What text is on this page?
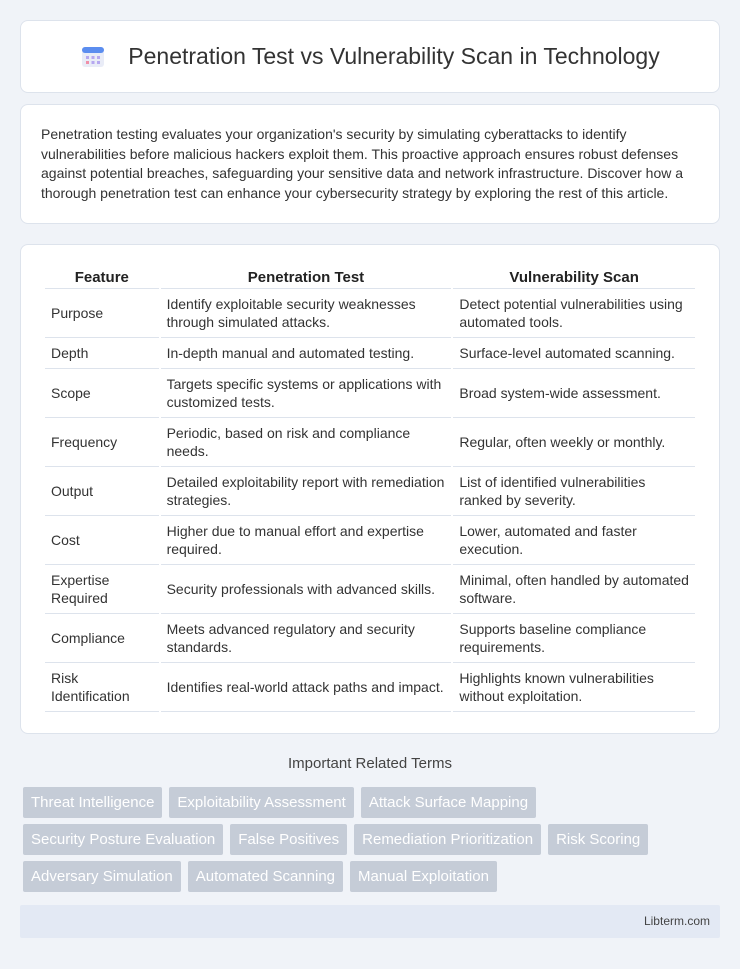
Penetration Test vs Vulnerability Scan in Technology

Penetration testing evaluates your organization's security by simulating cyberattacks to identify vulnerabilities before malicious hackers exploit them. This proactive approach ensures robust defenses against potential breaches, safeguarding your sensitive data and network infrastructure. Discover how a thorough penetration test can enhance your cybersecurity strategy by exploring the rest of this article.

Feature	Penetration Test	Vulnerability Scan
Purpose	Identify exploitable security weaknesses through simulated attacks.	Detect potential vulnerabilities using automated tools.
Depth	In-depth manual and automated testing.	Surface-level automated scanning.
Scope	Targets specific systems or applications with customized tests.	Broad system-wide assessment.
Frequency	Periodic, based on risk and compliance needs.	Regular, often weekly or monthly.
Output	Detailed exploitability report with remediation strategies.	List of identified vulnerabilities ranked by severity.
Cost	Higher due to manual effort and expertise required.	Lower, automated and faster execution.
Expertise Required	Security professionals with advanced skills.	Minimal, often handled by automated software.
Compliance	Meets advanced regulatory and security standards.	Supports baseline compliance requirements.
Risk Identification	Identifies real-world attack paths and impact.	Highlights known vulnerabilities without exploitation.
Important Related Terms
Threat Intelligence	Exploitability Assessment	Attack Surface Mapping
Security Posture Evaluation	False Positives	Remediation Prioritization	Risk Scoring
Adversary Simulation	Automated Scanning	Manual Exploitation
Libterm.com
